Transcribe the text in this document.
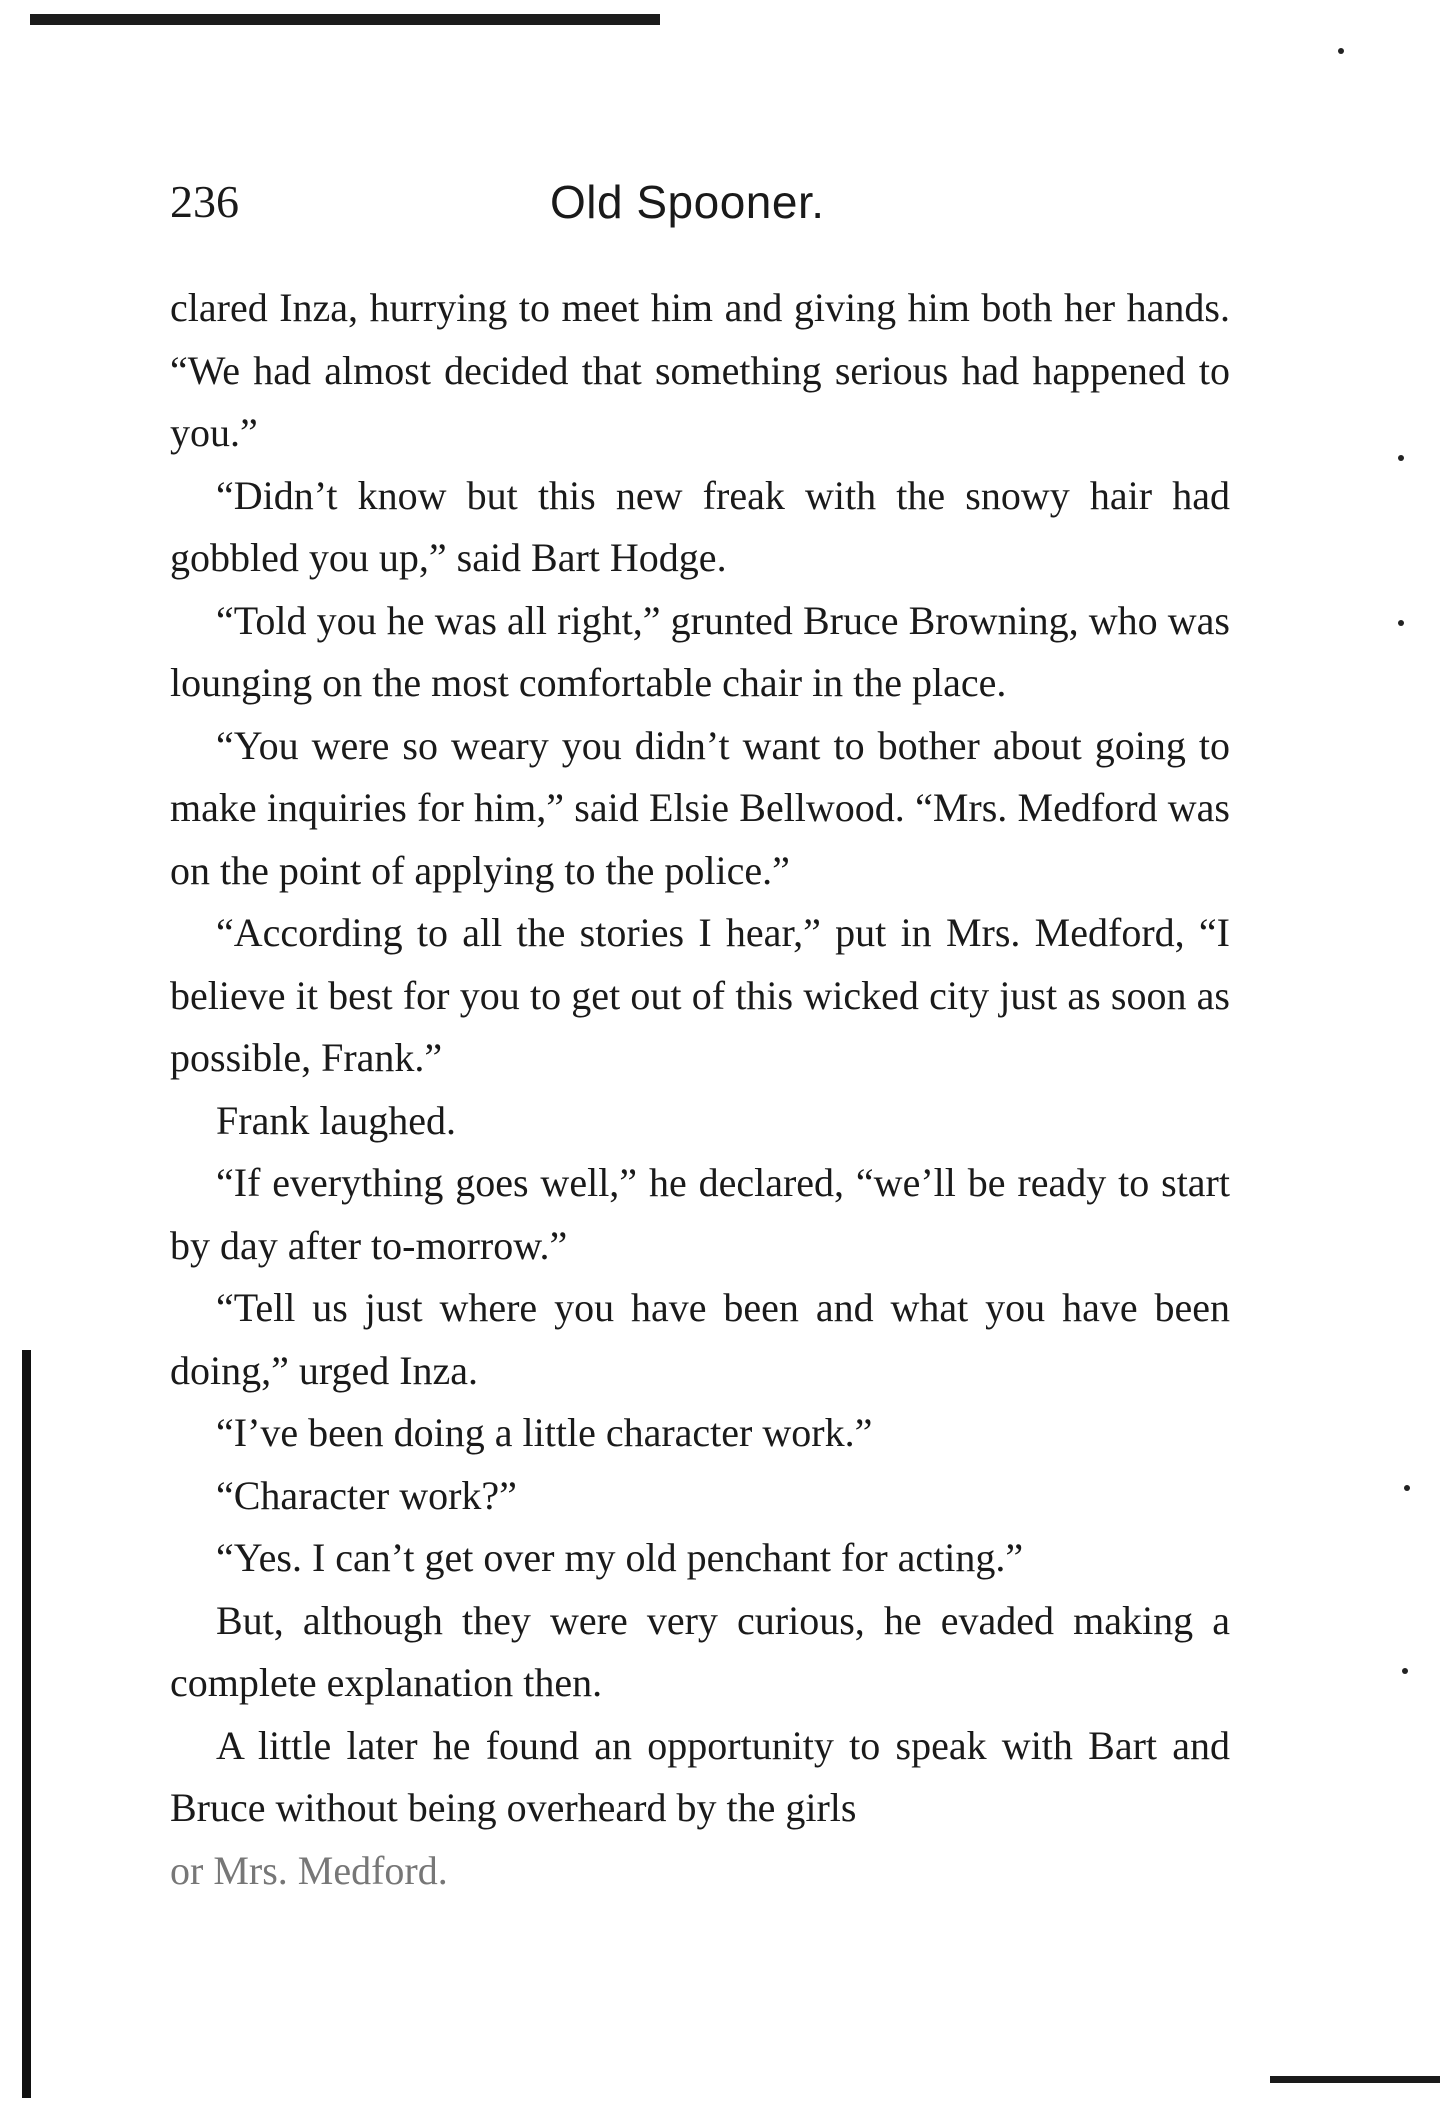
236	Old Spooner.

clared Inza, hurrying to meet him and giving him both her hands. “We had almost decided that something serious had happened to you.”

“Didn’t know but this new freak with the snowy hair had gobbled you up,” said Bart Hodge.

“Told you he was all right,” grunted Bruce Browning, who was lounging on the most comfortable chair in the place.

“You were so weary you didn’t want to bother about going to make inquiries for him,” said Elsie Bellwood. “Mrs. Medford was on the point of applying to the police.”

“According to all the stories I hear,” put in Mrs. Medford, “I believe it best for you to get out of this wicked city just as soon as possible, Frank.”

Frank laughed.

“If everything goes well,” he declared, “we’ll be ready to start by day after to-morrow.”

“Tell us just where you have been and what you have been doing,” urged Inza.

“I’ve been doing a little character work.”

“Character work?”

“Yes. I can’t get over my old penchant for acting.”

But, although they were very curious, he evaded making a complete explanation then.

A little later he found an opportunity to speak with Bart and Bruce without being overheard by the girls

or Mrs. Medford.
